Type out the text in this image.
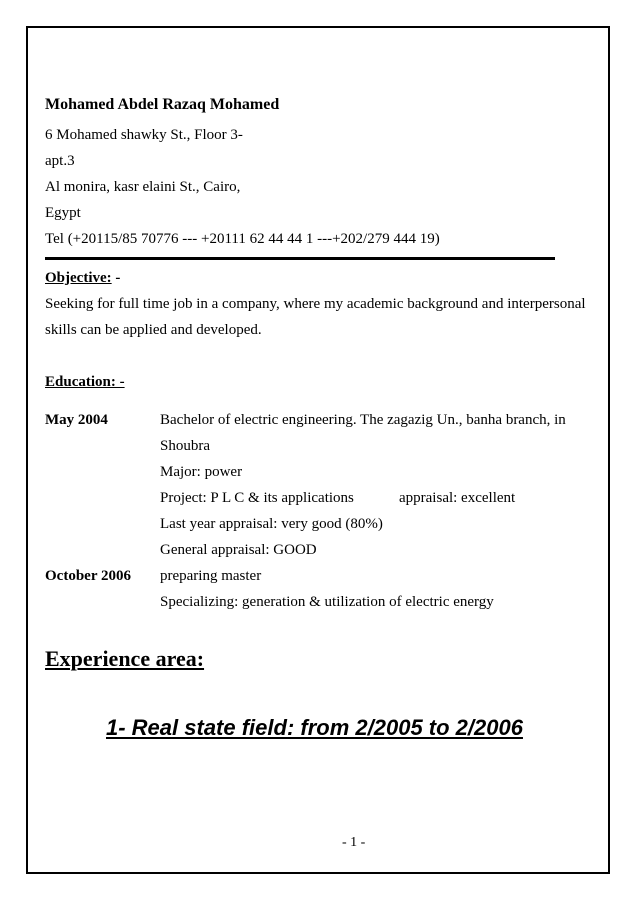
Mohamed Abdel Razaq Mohamed
6 Mohamed shawky St., Floor 3-
apt.3
Al monira, kasr elaini St., Cairo,
Egypt
Tel (+20115/85 70776 --- +20111 62 44 44 1 ---+202/279 444 19)
Objective: -
Seeking for full time job in a company, where my academic background and interpersonal
skills can be applied and developed.
Education: -
May 2004	Bachelor of electric engineering. The zagazig Un., banha branch, in
Shoubra
Major: power
Project: P L C & its applications	appraisal: excellent
Last year appraisal: very good (80%)
General appraisal: GOOD
October 2006 preparing master
Specializing: generation & utilization of electric energy
Experience area:
1- Real state field: from 2/2005 to 2/2006
- 1 -
